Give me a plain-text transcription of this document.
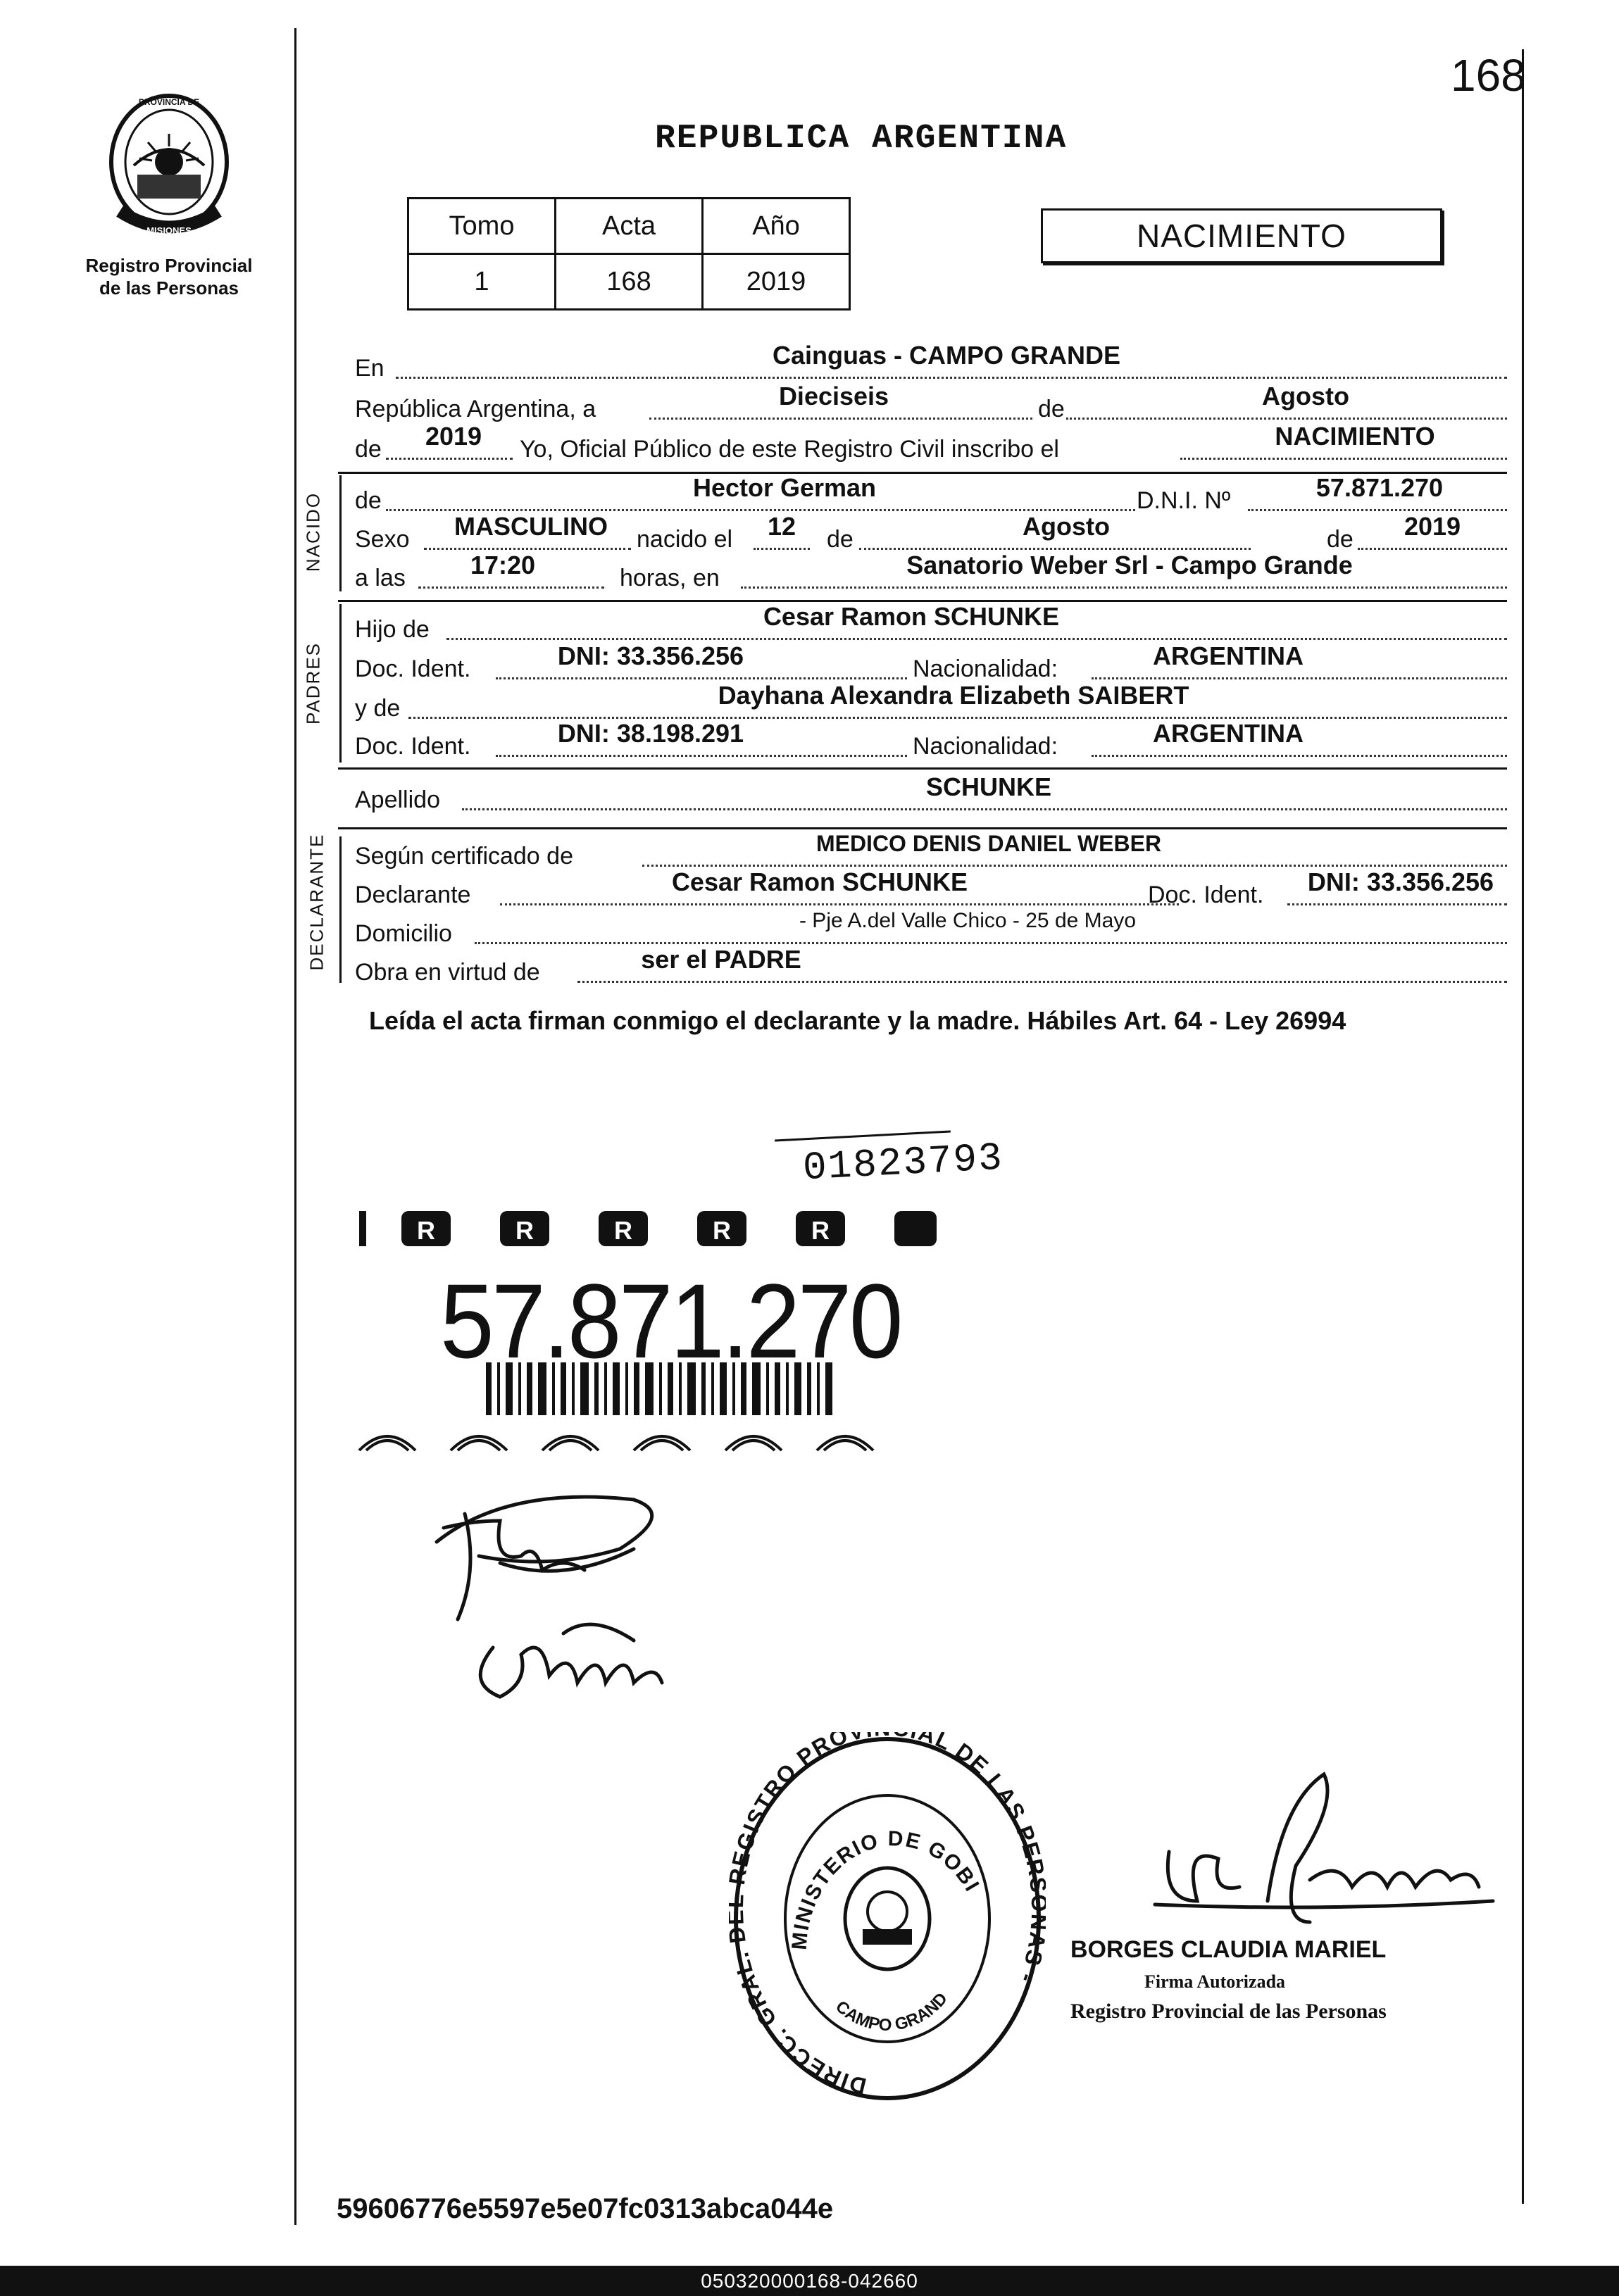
PROVINCIA DE
MISIONES
Registro Provincial
de las Personas
168
REPUBLICA ARGENTINA
Tomo	Acta	Año
1	168	2019
NACIMIENTO
En	Cainguas - CAMPO GRANDE
República Argentina, a	Dieciseis	de	Agosto
de	2019	Yo, Oficial Público de este Registro Civil inscribo el	NACIMIENTO
NACIDO de	Hector German	D.N.I. Nº	57.871.270
Sexo	MASCULINO	nacido el	12	de	Agosto	de	2019
a las	17:20	horas, en	Sanatorio Weber Srl - Campo Grande
PADRES
Hijo de	Cesar Ramon SCHUNKE
Doc. Ident.	DNI: 33.356.256	Nacionalidad:	ARGENTINA
y de	Dayhana Alexandra Elizabeth SAIBERT
Doc. Ident.	DNI: 38.198.291	Nacionalidad:	ARGENTINA
Apellido	SCHUNKE
DECLARANTE Según certificado de	MEDICO DENIS DANIEL WEBER
Declarante	Cesar Ramon SCHUNKE	Doc. Ident.	DNI: 33.356.256
Domicilio	- Pje A.del Valle Chico - 25 de Mayo
Obra en virtud de	ser el PADRE
Leída el acta firman conmigo el declarante y la madre. Hábiles Art. 64 - Ley 26994
01823793
R	R	R	R	R
57.871.270
DIRECC. GRAL. EGISTRO PRO AL DE LAS PE S -
MINISTERIO DE GOBI
CAMPO GRAND
BORGES CLAUDIA MARIEL
Firma Autorizada
Registro Provincial de las Personas
59606776e5597e5e07fc0313abca044e
050320000168-042660
